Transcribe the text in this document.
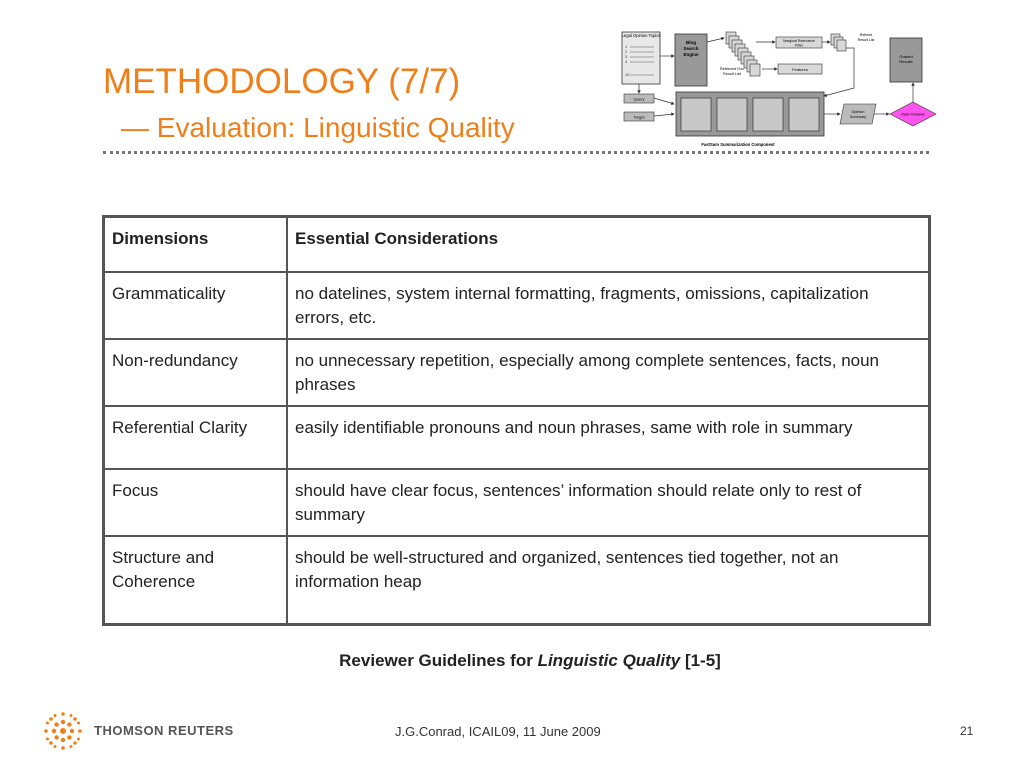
METHODOLOGY (7/7)
— Evaluation: Linguistic Quality
Legal Opinion Topics
1
2
3
4
10
Blog
Search
Engine
Retrieved Doc
Result List
Marginal Relevance
Filter
Features
Refined
Result List
Graded
Results
Query
Target
FastSum Summarization Component
Opinion
Summary
Rater Reviews
Dimensions	Essential Considerations
Grammaticality	no datelines, system internal formatting, fragments, omissions, capitalization errors, etc.
Non-redundancy	no unnecessary repetition, especially among complete sentences, facts, noun phrases
Referential Clarity	easily identifiable pronouns and noun phrases, same with role in summary
Focus	should have clear focus, sentences’ information should relate only to rest of summary
Structure and Coherence	should be well-structured and organized, sentences tied together, not an information heap
Reviewer Guidelines for Linguistic Quality [1-5]
THOMSON REUTERS	J.G.Conrad, ICAIL09, 11 June 2009	21
